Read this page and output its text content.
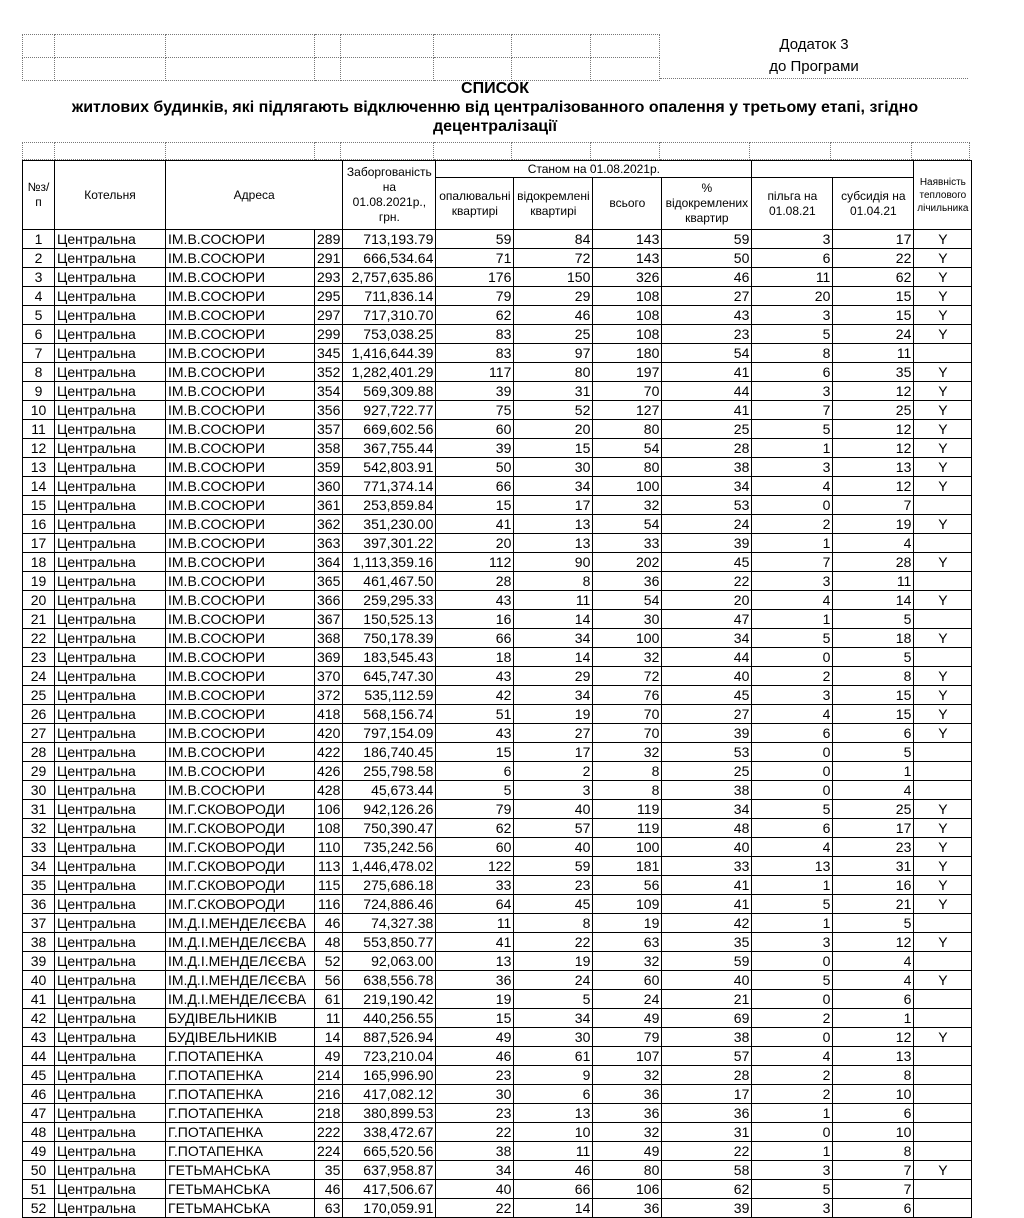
Додаток 3
до Програми
СПИСОК
житлових будинків, які підлягають відключенню від централізованного опалення у третьому етапі, згідно
децентралізації

№з/п	Котельня	Адреса		Заборгованість на 01.08.2021р., грн.	Станом на 01.08.2021р.						Наявність теплового лічильника
					опалювальні квартирі	відокремлені квартирі	всього	% відокремлених квартир	пільга на 01.08.21	субсидія на 01.04.21	
1	Центральна	ІМ.В.СОСЮРИ	289	713,193.79	59	84	143	59	3	17	Y
2	Центральна	ІМ.В.СОСЮРИ	291	666,534.64	71	72	143	50	6	22	Y
3	Центральна	ІМ.В.СОСЮРИ	293	2,757,635.86	176	150	326	46	11	62	Y
4	Центральна	ІМ.В.СОСЮРИ	295	711,836.14	79	29	108	27	20	15	Y
5	Центральна	ІМ.В.СОСЮРИ	297	717,310.70	62	46	108	43	3	15	Y
6	Центральна	ІМ.В.СОСЮРИ	299	753,038.25	83	25	108	23	5	24	Y
7	Центральна	ІМ.В.СОСЮРИ	345	1,416,644.39	83	97	180	54	8	11	
8	Центральна	ІМ.В.СОСЮРИ	352	1,282,401.29	117	80	197	41	6	35	Y
9	Центральна	ІМ.В.СОСЮРИ	354	569,309.88	39	31	70	44	3	12	Y
10	Центральна	ІМ.В.СОСЮРИ	356	927,722.77	75	52	127	41	7	25	Y
11	Центральна	ІМ.В.СОСЮРИ	357	669,602.56	60	20	80	25	5	12	Y
12	Центральна	ІМ.В.СОСЮРИ	358	367,755.44	39	15	54	28	1	12	Y
13	Центральна	ІМ.В.СОСЮРИ	359	542,803.91	50	30	80	38	3	13	Y
14	Центральна	ІМ.В.СОСЮРИ	360	771,374.14	66	34	100	34	4	12	Y
15	Центральна	ІМ.В.СОСЮРИ	361	253,859.84	15	17	32	53	0	7	
16	Центральна	ІМ.В.СОСЮРИ	362	351,230.00	41	13	54	24	2	19	Y
17	Центральна	ІМ.В.СОСЮРИ	363	397,301.22	20	13	33	39	1	4	
18	Центральна	ІМ.В.СОСЮРИ	364	1,113,359.16	112	90	202	45	7	28	Y
19	Центральна	ІМ.В.СОСЮРИ	365	461,467.50	28	8	36	22	3	11	
20	Центральна	ІМ.В.СОСЮРИ	366	259,295.33	43	11	54	20	4	14	Y
21	Центральна	ІМ.В.СОСЮРИ	367	150,525.13	16	14	30	47	1	5	
22	Центральна	ІМ.В.СОСЮРИ	368	750,178.39	66	34	100	34	5	18	Y
23	Центральна	ІМ.В.СОСЮРИ	369	183,545.43	18	14	32	44	0	5	
24	Центральна	ІМ.В.СОСЮРИ	370	645,747.30	43	29	72	40	2	8	Y
25	Центральна	ІМ.В.СОСЮРИ	372	535,112.59	42	34	76	45	3	15	Y
26	Центральна	ІМ.В.СОСЮРИ	418	568,156.74	51	19	70	27	4	15	Y
27	Центральна	ІМ.В.СОСЮРИ	420	797,154.09	43	27	70	39	6	6	Y
28	Центральна	ІМ.В.СОСЮРИ	422	186,740.45	15	17	32	53	0	5	
29	Центральна	ІМ.В.СОСЮРИ	426	255,798.58	6	2	8	25	0	1	
30	Центральна	ІМ.В.СОСЮРИ	428	45,673.44	5	3	8	38	0	4	
31	Центральна	ІМ.Г.СКОВОРОДИ	106	942,126.26	79	40	119	34	5	25	Y
32	Центральна	ІМ.Г.СКОВОРОДИ	108	750,390.47	62	57	119	48	6	17	Y
33	Центральна	ІМ.Г.СКОВОРОДИ	110	735,242.56	60	40	100	40	4	23	Y
34	Центральна	ІМ.Г.СКОВОРОДИ	113	1,446,478.02	122	59	181	33	13	31	Y
35	Центральна	ІМ.Г.СКОВОРОДИ	115	275,686.18	33	23	56	41	1	16	Y
36	Центральна	ІМ.Г.СКОВОРОДИ	116	724,886.46	64	45	109	41	5	21	Y
37	Центральна	ІМ.Д.І.МЕНДЕЛЄЄВА	46	74,327.38	11	8	19	42	1	5	
38	Центральна	ІМ.Д.І.МЕНДЕЛЄЄВА	48	553,850.77	41	22	63	35	3	12	Y
39	Центральна	ІМ.Д.І.МЕНДЕЛЄЄВА	52	92,063.00	13	19	32	59	0	4	
40	Центральна	ІМ.Д.І.МЕНДЕЛЄЄВА	56	638,556.78	36	24	60	40	5	4	Y
41	Центральна	ІМ.Д.І.МЕНДЕЛЄЄВА	61	219,190.42	19	5	24	21	0	6	
42	Центральна	БУДІВЕЛЬНИКІВ	11	440,256.55	15	34	49	69	2	1	
43	Центральна	БУДІВЕЛЬНИКІВ	14	887,526.94	49	30	79	38	0	12	Y
44	Центральна	Г.ПОТАПЕНКА	49	723,210.04	46	61	107	57	4	13	
45	Центральна	Г.ПОТАПЕНКА	214	165,996.90	23	9	32	28	2	8	
46	Центральна	Г.ПОТАПЕНКА	216	417,082.12	30	6	36	17	2	10	
47	Центральна	Г.ПОТАПЕНКА	218	380,899.53	23	13	36	36	1	6	
48	Центральна	Г.ПОТАПЕНКА	222	338,472.67	22	10	32	31	0	10	
49	Центральна	Г.ПОТАПЕНКА	224	665,520.56	38	11	49	22	1	8	
50	Центральна	ГЕТЬМАНСЬКА	35	637,958.87	34	46	80	58	3	7	Y
51	Центральна	ГЕТЬМАНСЬКА	46	417,506.67	40	66	106	62	5	7	
52	Центральна	ГЕТЬМАНСЬКА	63	170,059.91	22	14	36	39	3	6	
